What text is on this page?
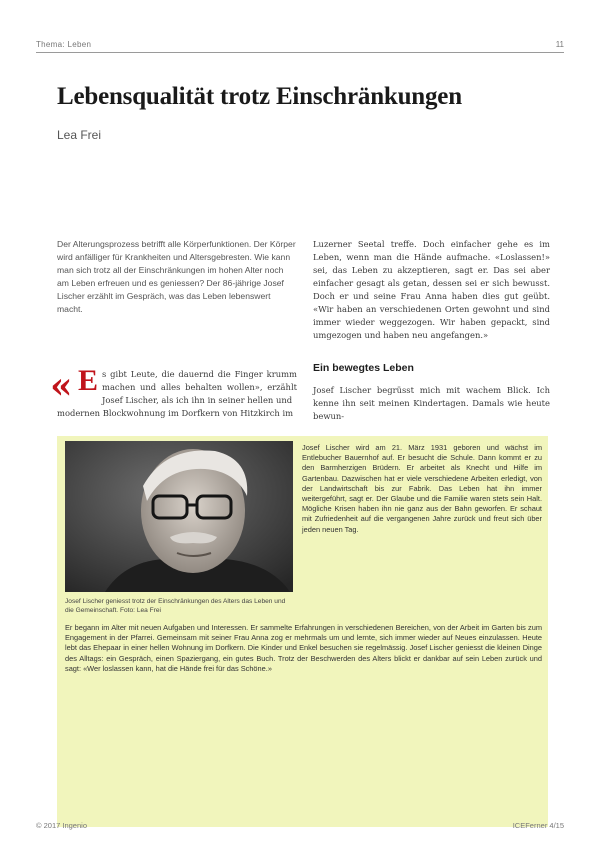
Thema: Leben	11
Lebensqualität trotz Einschränkungen
Lea Frei

Der Alterungsprozess betrifft alle Körperfunktionen. Der Körper wird anfälliger für Krankheiten und Altersgebresten. Wie kann man sich trotz all der Einschränkungen im hohen Alter noch am Leben erfreuen und es geniessen? Der 86-jährige Josef Lischer erzählt im Gespräch, was das Leben lebenswert macht.

Luzerner Seetal treffe. Doch einfacher gehe es im Leben, wenn man die Hände aufmache. «Loslassen!» sei, das Leben zu akzeptieren, sagt er. Das sei aber einfacher gesagt als getan, dessen sei er sich bewusst. Doch er und seine Frau Anna haben dies gut geübt. «Wir haben an verschiedenen Orten gewohnt und sind immer wieder weggezogen. Wir haben gepackt, sind umgezogen und haben neu angefangen.»

« E s gibt Leute, die dauernd die Finger krumm machen und alles behalten wollen», erzählt Josef Lischer, als ich ihn in seiner hellen und

modernen Blockwohnung im Dorfkern von Hitzkirch im

Ein bewegtes Leben

Josef Lischer begrüsst mich mit wachem Blick. Ich kenne ihn seit meinen Kindertagen. Damals wie heute bewun-

Josef Lischer geniesst trotz der Einschränkungen des Alters das Leben und die Gemeinschaft. Foto: Lea Frei

Josef Lischer wird am 21. März 1931 geboren und wächst im Entlebucher Bauernhof auf. Er besucht die Schule. Dann kommt er zu den Barmherzigen Brüdern. Er arbeitet als Knecht und Hilfe im Gartenbau. Dazwischen hat er viele verschiedene Arbeiten erledigt, von der Landwirtschaft bis zur Fabrik. Das Leben hat ihn immer weitergeführt, sagt er. Der Glaube und die Familie waren stets sein Halt. Mögliche Krisen haben ihn nie ganz aus der Bahn geworfen. Er schaut mit Zufriedenheit auf die vergangenen Jahre zurück und freut sich über jeden neuen Tag.

Er begann im Alter mit neuen Aufgaben und Interessen. Er sammelte Erfahrungen in verschiedenen Bereichen, von der Arbeit im Garten bis zum Engagement in der Pfarrei. Gemeinsam mit seiner Frau Anna zog er mehrmals um und lernte, sich immer wieder auf Neues einzulassen. Heute lebt das Ehepaar in einer hellen Wohnung im Dorfkern. Die Kinder und Enkel besuchen sie regelmässig. Josef Lischer geniesst die kleinen Dinge des Alltags: ein Gespräch, einen Spaziergang, ein gutes Buch. Trotz der Beschwerden des Alters blickt er dankbar auf sein Leben zurück und sagt: «Wer loslassen kann, hat die Hände frei für das Schöne.»

© 2017 Ingenio	ICEFerner 4/15
